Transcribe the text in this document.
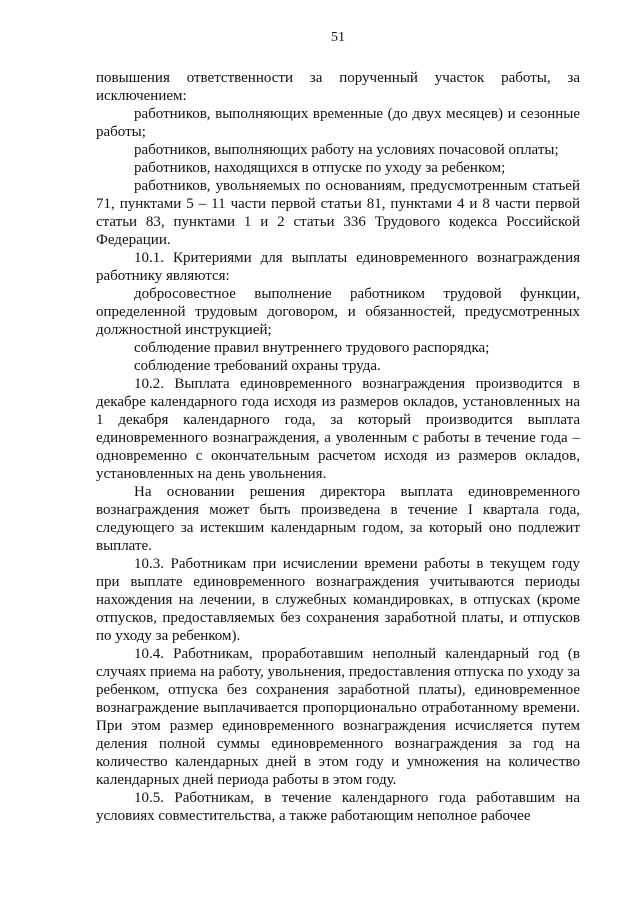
51

повышения ответственности за порученный участок работы, за исключением:

работников, выполняющих временные (до двух месяцев) и сезонные работы;

работников, выполняющих работу на условиях почасовой оплаты;

работников, находящихся в отпуске по уходу за ребенком;

работников, увольняемых по основаниям, предусмотренным статьей 71, пунктами 5 – 11 части первой статьи 81, пунктами 4 и 8 части первой статьи 83, пунктами 1 и 2 статьи 336 Трудового кодекса Российской Федерации.

10.1. Критериями для выплаты единовременного вознаграждения работнику являются:

добросовестное выполнение работником трудовой функции, определенной трудовым договором, и обязанностей, предусмотренных должностной инструкцией;

соблюдение правил внутреннего трудового распорядка;

соблюдение требований охраны труда.

10.2. Выплата единовременного вознаграждения производится в декабре календарного года исходя из размеров окладов, установленных на 1 декабря календарного года, за который производится выплата единовременного вознаграждения, а уволенным с работы в течение года – одновременно с окончательным расчетом исходя из размеров окладов, установленных на день увольнения.

На основании решения директора выплата единовременного вознаграждения может быть произведена в течение I квартала года, следующего за истекшим календарным годом, за который оно подлежит выплате.

10.3. Работникам при исчислении времени работы в текущем году при выплате единовременного вознаграждения учитываются периоды нахождения на лечении, в служебных командировках, в отпусках (кроме отпусков, предоставляемых без сохранения заработной платы, и отпусков по уходу за ребенком).

10.4. Работникам, проработавшим неполный календарный год (в случаях приема на работу, увольнения, предоставления отпуска по уходу за ребенком, отпуска без сохранения заработной платы), единовременное вознаграждение выплачивается пропорционально отработанному времени. При этом размер единовременного вознаграждения исчисляется путем деления полной суммы единовременного вознаграждения за год на количество календарных дней в этом году и умножения на количество календарных дней периода работы в этом году.

10.5. Работникам, в течение календарного года работавшим на условиях совместительства, а также работающим неполное рабочее
